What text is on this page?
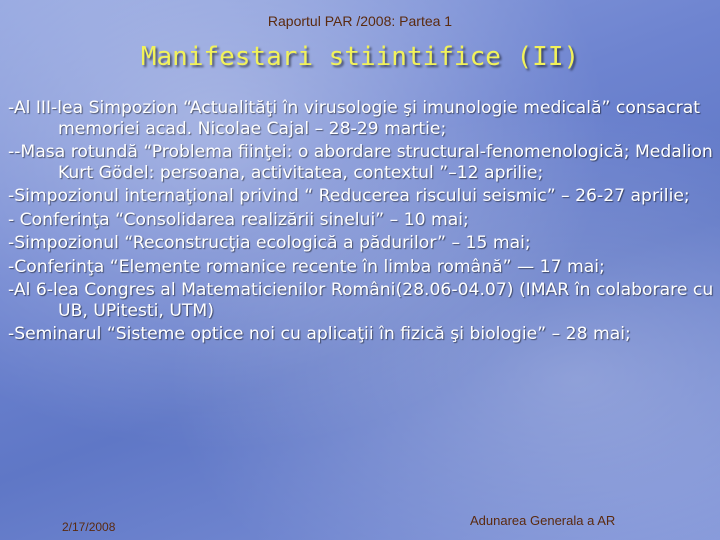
Raportul PAR /2008: Partea 1
Manifestari stiintifice (II)
-Al III-lea Simpozion “Actualităţi în virusologie şi imunologie medicală” consacrat memoriei acad. Nicolae Cajal – 28-29 martie;
--Masa rotundă “Problema fiinţei: o abordare structural-fenomenologică; Medalion Kurt Gödel: persoana, activitatea, contextul ”–12 aprilie;
-Simpozionul internaţional privind “ Reducerea riscului seismic” – 26-27 aprilie;
- Conferinţa “Consolidarea realizării sinelui” – 10 mai;
-Simpozionul “Reconstrucţia ecologică a pădurilor” – 15 mai;
-Conferinţa “Elemente romanice recente în limba română” — 17 mai;
-Al 6-lea Congres al Matematicienilor Români(28.06-04.07) (IMAR în colaborare cu UB, UPitesti, UTM)
-Seminarul “Sisteme optice noi cu aplicaţii în fizică şi biologie” – 28 mai;
2/17/2008	Adunarea Generala a AR
